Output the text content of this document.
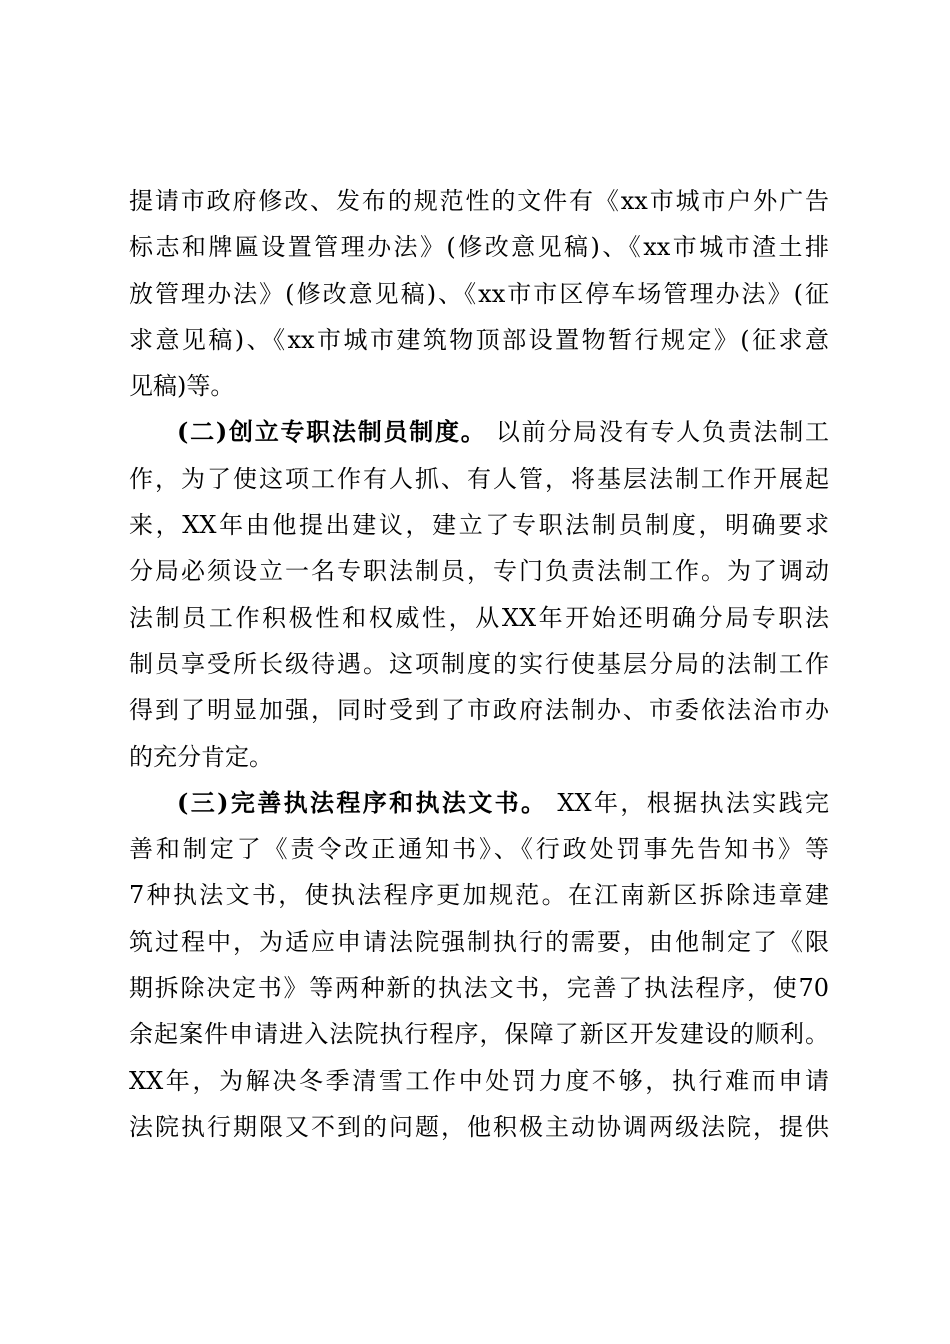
提请市政府修改、发布的规范性的文件有《xx市城市户外广告
标志和牌匾设置管理办法》(修改意见稿)、《xx市城市渣土排
放管理办法》(修改意见稿)、《xx市市区停车场管理办法》(征
求意见稿)、《xx市城市建筑物顶部设置物暂行规定》(征求意
见稿)等。

(二)创立专职法制员制度。 以前分局没有专人负责法制工
作，为了使这项工作有人抓、有人管，将基层法制工作开展起
来，XX年由他提出建议，建立了专职法制员制度，明确要求
分局必须设立一名专职法制员，专门负责法制工作。为了调动
法制员工作积极性和权威性，从XX年开始还明确分局专职法
制员享受所长级待遇。这项制度的实行使基层分局的法制工作
得到了明显加强，同时受到了市政府法制办、市委依法治市办
的充分肯定。

(三)完善执法程序和执法文书。 XX年，根据执法实践完
善和制定了《责令改正通知书》、《行政处罚事先告知书》等
7种执法文书，使执法程序更加规范。在江南新区拆除违章建
筑过程中，为适应申请法院强制执行的需要，由他制定了《限
期拆除决定书》等两种新的执法文书，完善了执法程序，使70
余起案件申请进入法院执行程序，保障了新区开发建设的顺利。
XX年，为解决冬季清雪工作中处罚力度不够，执行难而申请
法院执行期限又不到的问题，他积极主动协调两级法院，提供
